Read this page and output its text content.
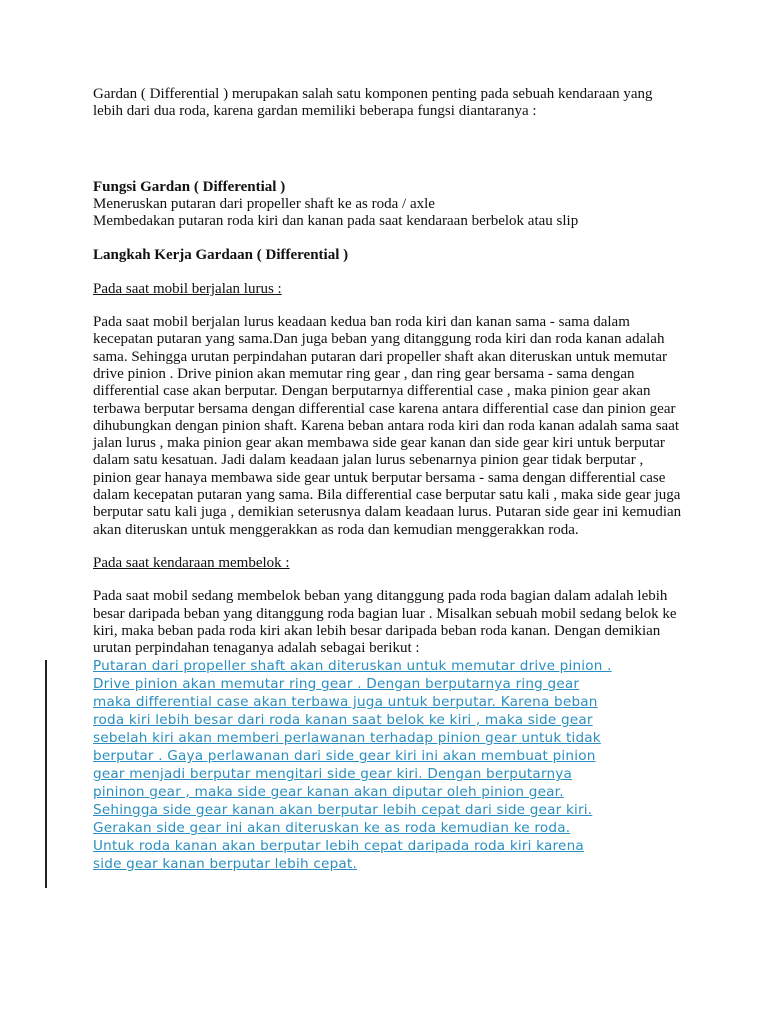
Gardan ( Differential ) merupakan salah satu komponen penting pada sebuah kendaraan yang lebih dari dua roda, karena gardan memiliki beberapa fungsi diantaranya :

Fungsi Gardan ( Differential )

Meneruskan putaran dari propeller shaft ke as roda / axle

Membedakan putaran roda kiri dan kanan pada saat kendaraan berbelok atau slip

Langkah Kerja Gardaan ( Differential )

Pada saat mobil berjalan lurus :

Pada saat mobil berjalan lurus keadaan kedua ban roda kiri dan kanan sama - sama dalam kecepatan putaran yang sama.Dan juga beban yang ditanggung roda kiri dan roda kanan adalah sama. Sehingga urutan perpindahan putaran dari propeller shaft akan diteruskan untuk memutar drive pinion . Drive pinion akan memutar ring gear , dan ring gear bersama - sama dengan differential case akan berputar. Dengan berputarnya differential case , maka pinion gear akan terbawa berputar bersama dengan differential case karena antara differential case dan pinion gear dihubungkan dengan pinion shaft. Karena beban antara roda kiri dan roda kanan adalah sama saat jalan lurus , maka pinion gear akan membawa side gear kanan dan side gear kiri untuk berputar dalam satu kesatuan. Jadi dalam keadaan jalan lurus sebenarnya pinion gear tidak berputar , pinion gear hanaya membawa side gear untuk berputar bersama - sama dengan differential case dalam kecepatan putaran yang sama. Bila differential case berputar satu kali , maka side gear juga berputar satu kali juga , demikian seterusnya dalam keadaan lurus. Putaran side gear ini kemudian akan diteruskan untuk menggerakkan as roda dan kemudian menggerakkan roda.

Pada saat kendaraan membelok :

Pada saat mobil sedang membelok beban yang ditanggung pada roda bagian dalam adalah lebih besar daripada beban yang ditanggung roda bagian luar . Misalkan sebuah mobil sedang belok ke kiri, maka beban pada roda kiri akan lebih besar daripada beban roda kanan. Dengan demikian urutan perpindahan tenaganya adalah sebagai berikut :

Putaran dari propeller shaft akan diteruskan untuk memutar drive pinion .
Drive pinion akan memutar ring gear . Dengan berputarnya ring gear
maka differential case akan terbawa juga untuk berputar. Karena beban
roda kiri lebih besar dari roda kanan saat belok ke kiri , maka side gear
sebelah kiri akan memberi perlawanan terhadap pinion gear untuk tidak
berputar . Gaya perlawanan dari side gear kiri ini akan membuat pinion
gear menjadi berputar mengitari side gear kiri. Dengan berputarnya
pininon gear , maka side gear kanan akan diputar oleh pinion gear.
Sehingga side gear kanan akan berputar lebih cepat dari side gear kiri.
Gerakan side gear ini akan diteruskan ke as roda kemudian ke roda.
Untuk roda kanan akan berputar lebih cepat daripada roda kiri karena
side gear kanan berputar lebih cepat.
